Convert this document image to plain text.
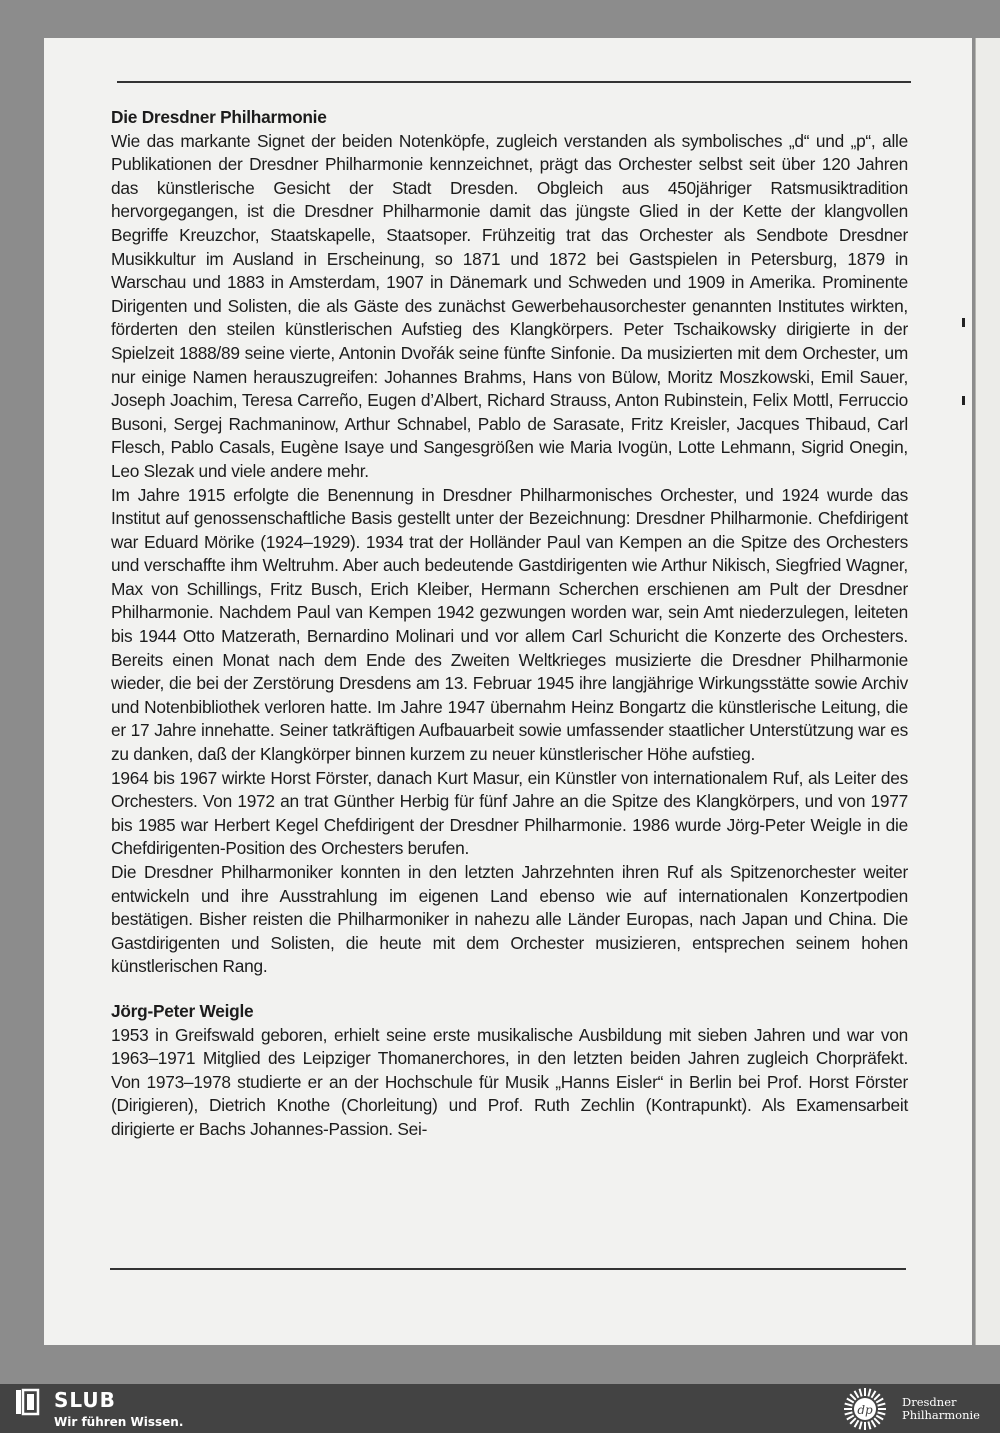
Die Dresdner Philharmonie

Wie das markante Signet der beiden Notenköpfe, zugleich verstanden als symbolisches „d“ und „p“, alle Publikationen der Dresdner Philharmonie kennzeichnet, prägt das Orchester selbst seit über 120 Jahren das künstlerische Gesicht der Stadt Dresden. Obgleich aus 450jähriger Ratsmusiktradition hervorgegangen, ist die Dresdner Philharmonie damit das jüngste Glied in der Kette der klangvollen Begriffe Kreuzchor, Staatskapelle, Staatsoper. Frühzeitig trat das Orchester als Sendbote Dresdner Musikkultur im Ausland in Erscheinung, so 1871 und 1872 bei Gastspielen in Petersburg, 1879 in Warschau und 1883 in Amsterdam, 1907 in Dänemark und Schweden und 1909 in Amerika. Prominente Dirigenten und Solisten, die als Gäste des zunächst Gewerbehausorchester genannten Institutes wirkten, förderten den steilen künstlerischen Aufstieg des Klangkörpers. Peter Tschaikowsky dirigierte in der Spielzeit 1888/89 seine vierte, Antonin Dvořák seine fünfte Sinfonie. Da musizierten mit dem Orchester, um nur einige Namen herauszugreifen: Johannes Brahms, Hans von Bülow, Moritz Moszkowski, Emil Sauer, Joseph Joachim, Teresa Carreño, Eugen d’Albert, Richard Strauss, Anton Rubinstein, Felix Mottl, Ferruccio Busoni, Sergej Rachmaninow, Arthur Schnabel, Pablo de Sarasate, Fritz Kreisler, Jacques Thibaud, Carl Flesch, Pablo Casals, Eugène Isaye und Sangesgrößen wie Maria Ivogün, Lotte Lehmann, Sigrid Onegin, Leo Slezak und viele andere mehr.

Im Jahre 1915 erfolgte die Benennung in Dresdner Philharmonisches Orchester, und 1924 wurde das Institut auf genossenschaftliche Basis gestellt unter der Bezeichnung: Dresdner Philharmonie. Chefdirigent war Eduard Mörike (1924–1929). 1934 trat der Holländer Paul van Kempen an die Spitze des Orchesters und verschaffte ihm Weltruhm. Aber auch bedeutende Gastdirigenten wie Arthur Nikisch, Siegfried Wagner, Max von Schillings, Fritz Busch, Erich Kleiber, Hermann Scherchen erschienen am Pult der Dresdner Philharmonie. Nachdem Paul van Kempen 1942 gezwungen worden war, sein Amt niederzulegen, leiteten bis 1944 Otto Matzerath, Bernardino Molinari und vor allem Carl Schuricht die Konzerte des Orchesters. Bereits einen Monat nach dem Ende des Zweiten Weltkrieges musizierte die Dresdner Philharmonie wieder, die bei der Zerstörung Dresdens am 13. Februar 1945 ihre langjährige Wirkungsstätte sowie Archiv und Notenbibliothek verloren hatte. Im Jahre 1947 übernahm Heinz Bongartz die künstlerische Leitung, die er 17 Jahre innehatte. Seiner tatkräftigen Aufbauarbeit sowie umfassender staatlicher Unterstützung war es zu danken, daß der Klangkörper binnen kurzem zu neuer künstlerischer Höhe aufstieg.

1964 bis 1967 wirkte Horst Förster, danach Kurt Masur, ein Künstler von internationalem Ruf, als Leiter des Orchesters. Von 1972 an trat Günther Herbig für fünf Jahre an die Spitze des Klangkörpers, und von 1977 bis 1985 war Herbert Kegel Chefdirigent der Dresdner Philharmonie. 1986 wurde Jörg-Peter Weigle in die Chefdirigenten-Position des Orchesters berufen.

Die Dresdner Philharmoniker konnten in den letzten Jahrzehnten ihren Ruf als Spitzenorchester weiter entwickeln und ihre Ausstrahlung im eigenen Land ebenso wie auf internationalen Konzertpodien bestätigen. Bisher reisten die Philharmoniker in nahezu alle Länder Europas, nach Japan und China. Die Gastdirigenten und Solisten, die heute mit dem Orchester musizieren, entsprechen seinem hohen künstlerischen Rang.

Jörg-Peter Weigle

1953 in Greifswald geboren, erhielt seine erste musikalische Ausbildung mit sieben Jahren und war von 1963–1971 Mitglied des Leipziger Thomanerchores, in den letzten beiden Jahren zugleich Chorpräfekt. Von 1973–1978 studierte er an der Hochschule für Musik „Hanns Eisler“ in Berlin bei Prof. Horst Förster (Dirigieren), Dietrich Knothe (Chorleitung) und Prof. Ruth Zechlin (Kontrapunkt). Als Examensarbeit dirigierte er Bachs Johannes-Passion. Sei-

SLUB
Wir führen Wissen.
dp
Dresdner
Philharmonie
